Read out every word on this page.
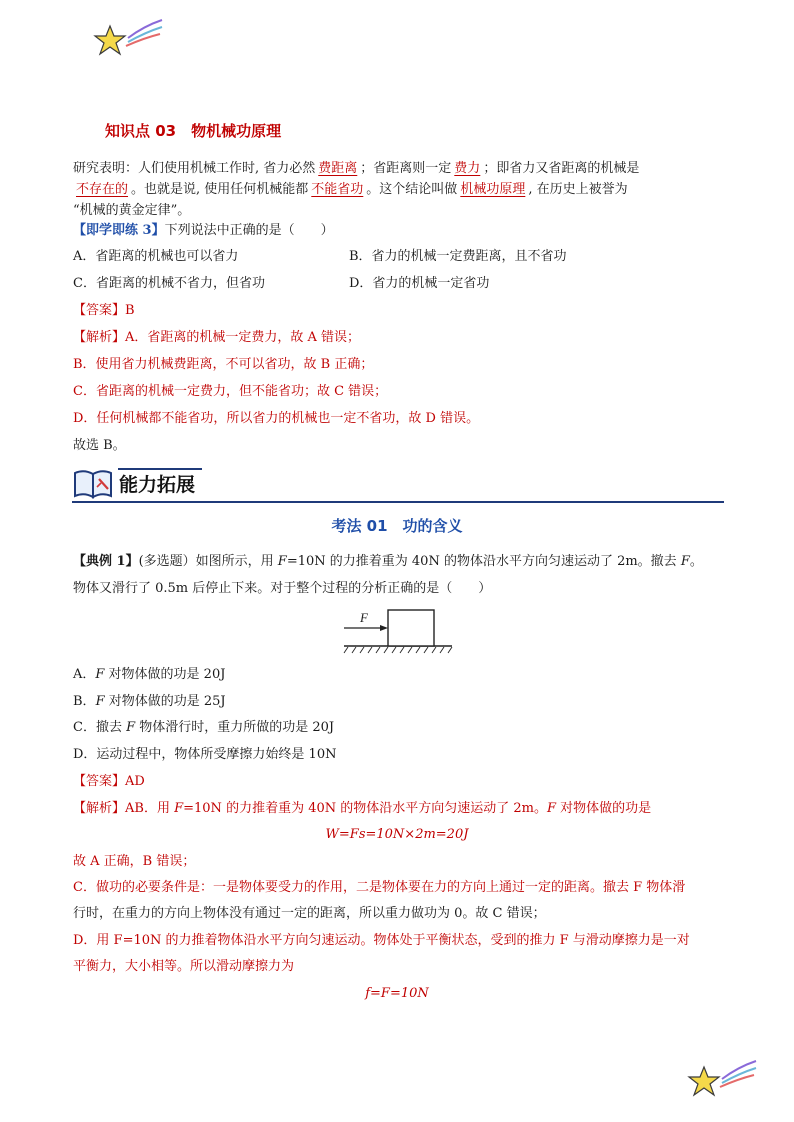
知识点 03　物机械功原理
研究表明：人们使用机械工作时, 省力必然 费距离 ；省距离则一定 费力 ；即省力又省距离的机械是
不存在的 。也就是说, 使用任何机械能都 不能省功 。这个结论叫做 机械功原理 , 在历史上被誉为
“机械的黄金定律”。
【即学即练 3】下列说法中正确的是（　　）
A．省距离的机械也可以省力	B．省力的机械一定费距离，且不省功
C．省距离的机械不省力，但省功	D．省力的机械一定省功
【答案】B
【解析】A．省距离的机械一定费力，故 A 错误；
B．使用省力机械费距离，不可以省功，故 B 正确；
C．省距离的机械一定费力，但不能省功；故 C 错误；
D．任何机械都不能省功，所以省力的机械也一定不省功，故 D 错误。
故选 B。
能力拓展
考法 01　功的含义
【典例 1】(多选题）如图所示，用 F=10N 的力推着重为 40N 的物体沿水平方向匀速运动了 2m。撤去 F。
物体又滑行了 0.5m 后停止下来。对于整个过程的分析正确的是（　　）
F
A．F 对物体做的功是 20J
B．F 对物体做的功是 25J
C．撤去 F 物体滑行时，重力所做的功是 20J
D．运动过程中，物体所受摩擦力始终是 10N
【答案】AD
【解析】AB．用 F=10N 的力推着重为 40N 的物体沿水平方向匀速运动了 2m。F 对物体做的功是
W=Fs=10N×2m=20J
故 A 正确，B 错误；
C．做功的必要条件是：一是物体要受力的作用，二是物体要在力的方向上通过一定的距离。撤去 F 物体滑
行时，在重力的方向上物体没有通过一定的距离，所以重力做功为 0。故 C 错误；
D．用 F=10N 的力推着物体沿水平方向匀速运动。物体处于平衡状态，受到的推力 F 与滑动摩擦力是一对
平衡力，大小相等。所以滑动摩擦力为
f=F=10N
